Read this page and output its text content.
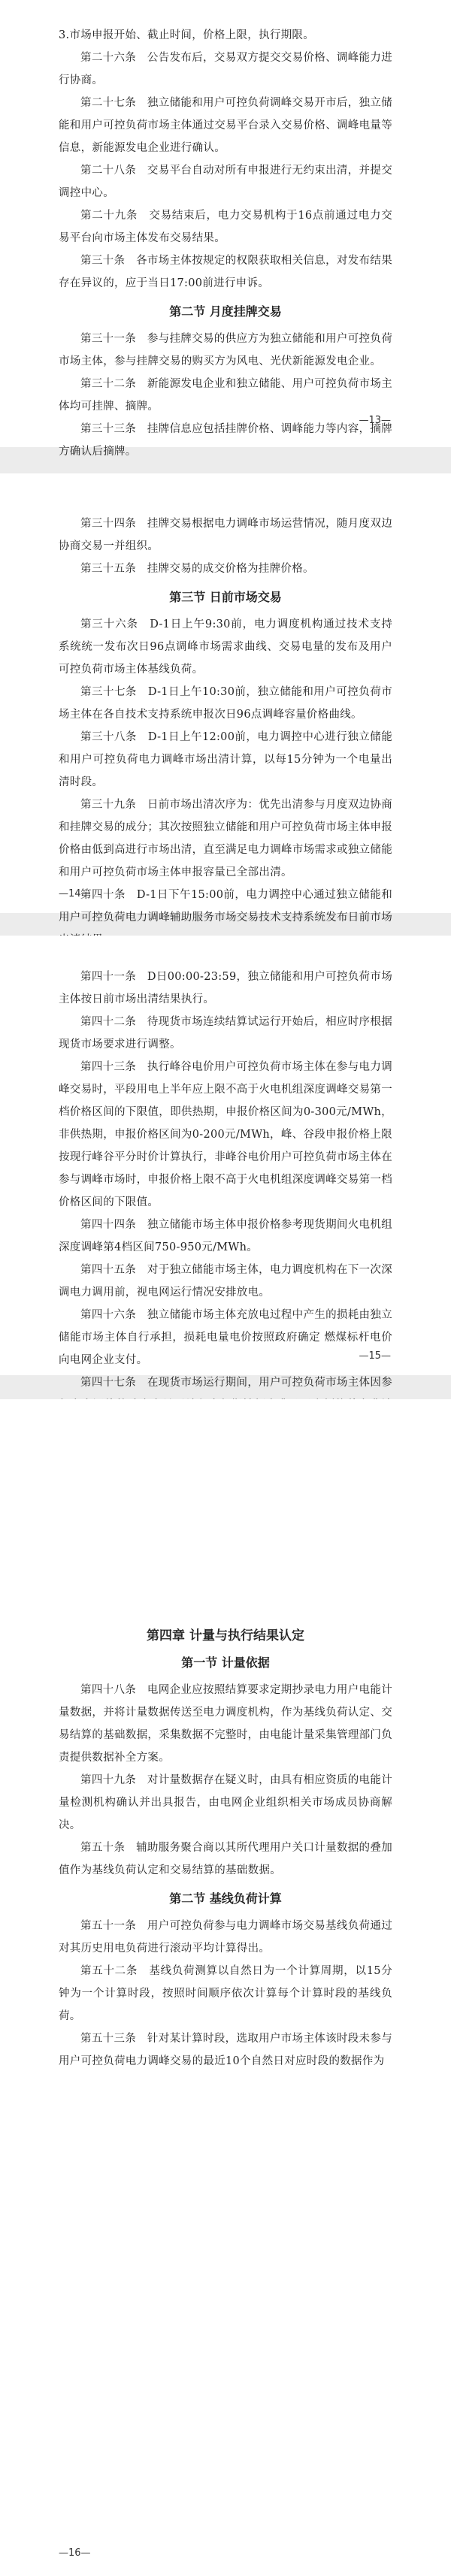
3.市场申报开始、截止时间，价格上限，执行期限。

第二十六条　公告发布后，交易双方提交交易价格、调峰能力进行协商。

第二十七条　独立储能和用户可控负荷调峰交易开市后，独立储能和用户可控负荷市场主体通过交易平台录入交易价格、调峰电量等信息，新能源发电企业进行确认。

第二十八条　交易平台自动对所有申报进行无约束出清，并提交调控中心。

第二十九条　交易结束后，电力交易机构于16点前通过电力交易平台向市场主体发布交易结果。

第三十条　各市场主体按规定的权限获取相关信息，对发布结果存在异议的，应于当日17:00前进行申诉。

第二节 月度挂牌交易

第三十一条　参与挂牌交易的供应方为独立储能和用户可控负荷市场主体，参与挂牌交易的购买方为风电、光伏新能源发电企业。

第三十二条　新能源发电企业和独立储能、用户可控负荷市场主体均可挂牌、摘牌。

第三十三条　挂牌信息应包括挂牌价格、调峰能力等内容，摘牌方确认后摘牌。

—13—

第三十四条　挂牌交易根据电力调峰市场运营情况，随月度双边协商交易一并组织。

第三十五条　挂牌交易的成交价格为挂牌价格。

第三节 日前市场交易

第三十六条　D-1日上午9:30前，电力调度机构通过技术支持系统统一发布次日96点调峰市场需求曲线、交易电量的发布及用户可控负荷市场主体基线负荷。

第三十七条　D-1日上午10:30前，独立储能和用户可控负荷市场主体在各自技术支持系统申报次日96点调峰容量价格曲线。

第三十八条　D-1日上午12:00前，电力调控中心进行独立储能和用户可控负荷电力调峰市场出清计算，以每15分钟为一个电量出清时段。

第三十九条　日前市场出清次序为：优先出清参与月度双边协商和挂牌交易的成分；其次按照独立储能和用户可控负荷市场主体申报价格由低到高进行市场出清，直至满足电力调峰市场需求或独立储能和用户可控负荷市场主体申报容量已全部出清。

第四十条　D-1日下午15:00前，电力调控中心通过独立储能和用户可控负荷电力调峰辅助服务市场交易技术支持系统发布日前市场

—14—

第四十一条　D日00:00-23:59，独立储能和用户可控负荷市场主体按日前市场出清结果执行。

第四十二条　待现货市场连续结算试运行开始后，相应时序根据现货市场要求进行调整。

第四十三条　执行峰谷电价用户可控负荷市场主体在参与电力调峰交易时，平段用电上半年应上限不高于火电机组深度调峰交易第一档价格区间的下限值，即供热期，申报价格区间为0-300元/MWh，非供热期，申报价格区间为0-200元/MWh，峰、谷段申报价格上限按现行峰谷平分时价计算执行，非峰谷电价用户可控负荷市场主体在参与调峰市场时，申报价格上限不高于火电机组深度调峰交易第一档价格区间的下限值。

第四十四条　独立储能市场主体申报价格参考现货期间火电机组深度调峰第4档区间750-950元/MWh。

第四十五条　对于独立储能市场主体，电力调度机构在下一次深调电力调用前，视电网运行情况安排放电。

第四十六条　独立储能市场主体充放电过程中产生的损耗由独立储能市场主体自行承担，损耗电量电价按照政府确定 燃煤标杆电价向电网企业支付。

第四十七条　在现货市场运行期间，用户可控负荷市场主体因参

—15—

第四章 计量与执行结果认定

第一节 计量依据

第四十八条　电网企业应按照结算要求定期抄录电力用户电能计量数据，并将计量数据传送至电力调度机构，作为基线负荷认定、交易结算的基础数据，采集数据不完整时，由电能计量采集管理部门负责提供数据补全方案。

第四十九条　对计量数据存在疑义时，由具有相应资质的电能计量检测机构确认并出具报告，由电网企业组织相关市场成员协商解决。

第五十条　辅助服务聚合商以其所代理用户关口计量数据的叠加值作为基线负荷认定和交易结算的基础数据。

第二节 基线负荷计算

第五十一条　用户可控负荷参与电力调峰市场交易基线负荷通过对其历史用电负荷进行滚动平均计算得出。

第五十二条　基线负荷测算以自然日为一个计算周期，以15分钟为一个计算时段，按照时间顺序依次计算每个计算时段的基线负荷。

第五十三条　针对某计算时段，选取用户市场主体该时段未参与用户可控负荷电力调峰交易的最近10个自然日对应时段的数据作为

—16—
